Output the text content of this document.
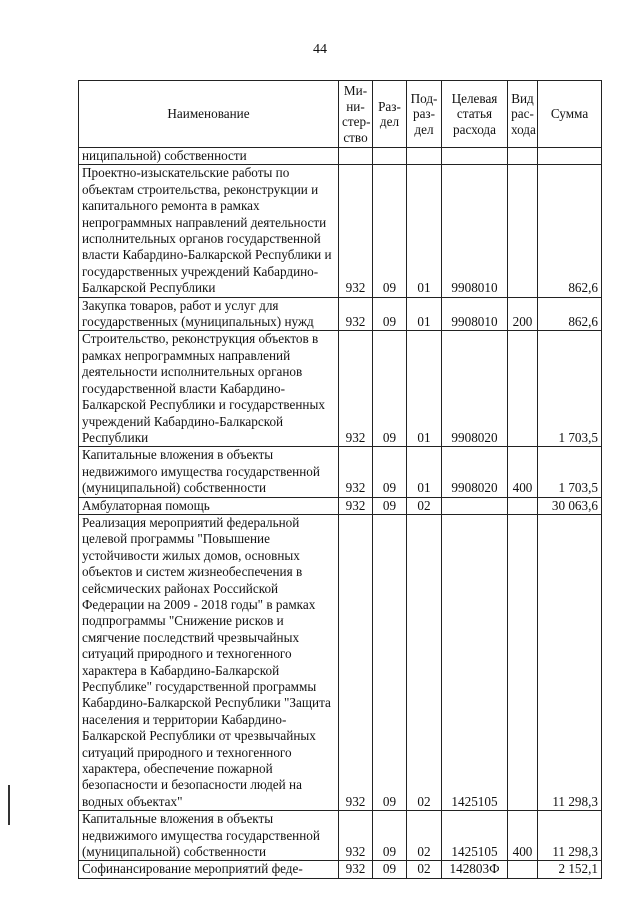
44
Наименование	Ми-ни-стер-ство	Раз-дел	Под-раз-дел	Целевая статья расхода	Вид рас-хода	Сумма
ниципальной) собственности						
Проектно-изыскательские работы по объектам строительства, реконструкции и капитального ремонта в рамках непрограммных направлений деятельности исполнительных органов государственной власти Кабардино-Балкарской Республики и государственных учреждений Кабардино-Балкарской Республики	932	09	01	9908010		862,6
Закупка товаров, работ и услуг для государственных (муниципальных) нужд	932	09	01	9908010	200	862,6
Строительство, реконструкция объектов в рамках непрограммных направлений деятельности исполнительных органов государственной власти Кабардино-Балкарской Республики и государственных учреждений Кабардино-Балкарской Республики	932	09	01	9908020		1 703,5
Капитальные вложения в объекты недвижимого имущества государственной (муниципальной) собственности	932	09	01	9908020	400	1 703,5
Амбулаторная помощь	932	09	02			30 063,6
Реализация мероприятий федеральной целевой программы "Повышение устойчивости жилых домов, основных объектов и систем жизнеобеспечения в сейсмических районах Российской Федерации на 2009 - 2018 годы" в рамках подпрограммы "Снижение рисков и смягчение последствий чрезвычайных ситуаций природного и техногенного характера в Кабардино-Балкарской Республике" государственной программы Кабардино-Балкарской Республики "Защита населения и территории Кабардино-Балкарской Республики от чрезвычайных ситуаций природного и техногенного характера, обеспечение пожарной безопасности и безопасности людей на водных объектах"	932	09	02	1425105		11 298,3
Капитальные вложения в объекты недвижимого имущества государственной (муниципальной) собственности	932	09	02	1425105	400	11 298,3
Софинансирование мероприятий феде-	932	09	02	142803Ф		2 152,1
